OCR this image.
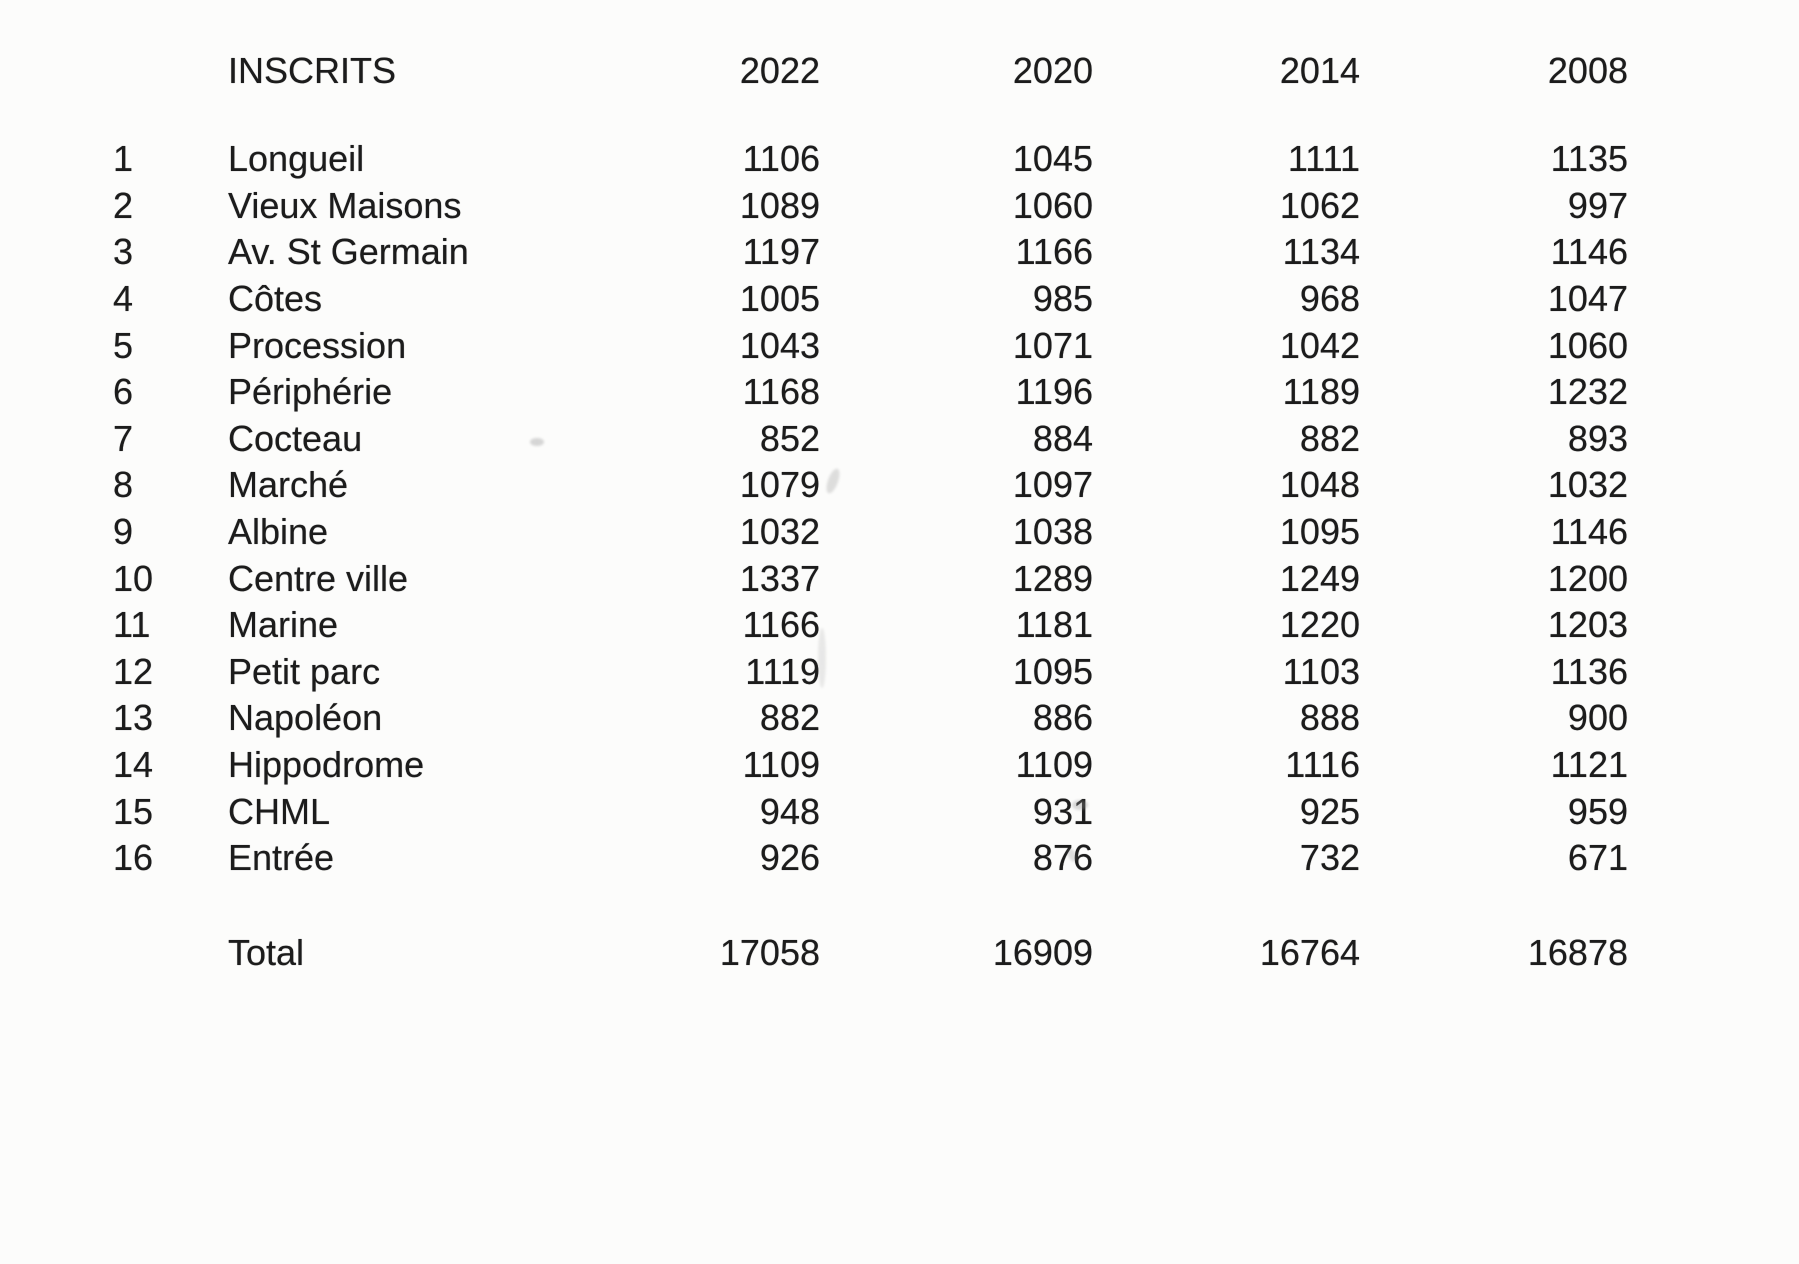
INSCRITS	2022	2020	2014	2008
1	Longueil	1106	1045	1111	1135
2	Vieux Maisons	1089	1060	1062	997
3	Av. St Germain	1197	1166	1134	1146
4	Côtes	1005	985	968	1047
5	Procession	1043	1071	1042	1060
6	Périphérie	1168	1196	1189	1232
7	Cocteau	852	884	882	893
8	Marché	1079	1097	1048	1032
9	Albine	1032	1038	1095	1146
10	Centre ville	1337	1289	1249	1200
11	Marine	1166	1181	1220	1203
12	Petit parc	1119	1095	1103	1136
13	Napoléon	882	886	888	900
14	Hippodrome	1109	1109	1116	1121
15	CHML	948	931	925	959
16	Entrée	926	876	732	671
Total	17058	16909	16764	16878
